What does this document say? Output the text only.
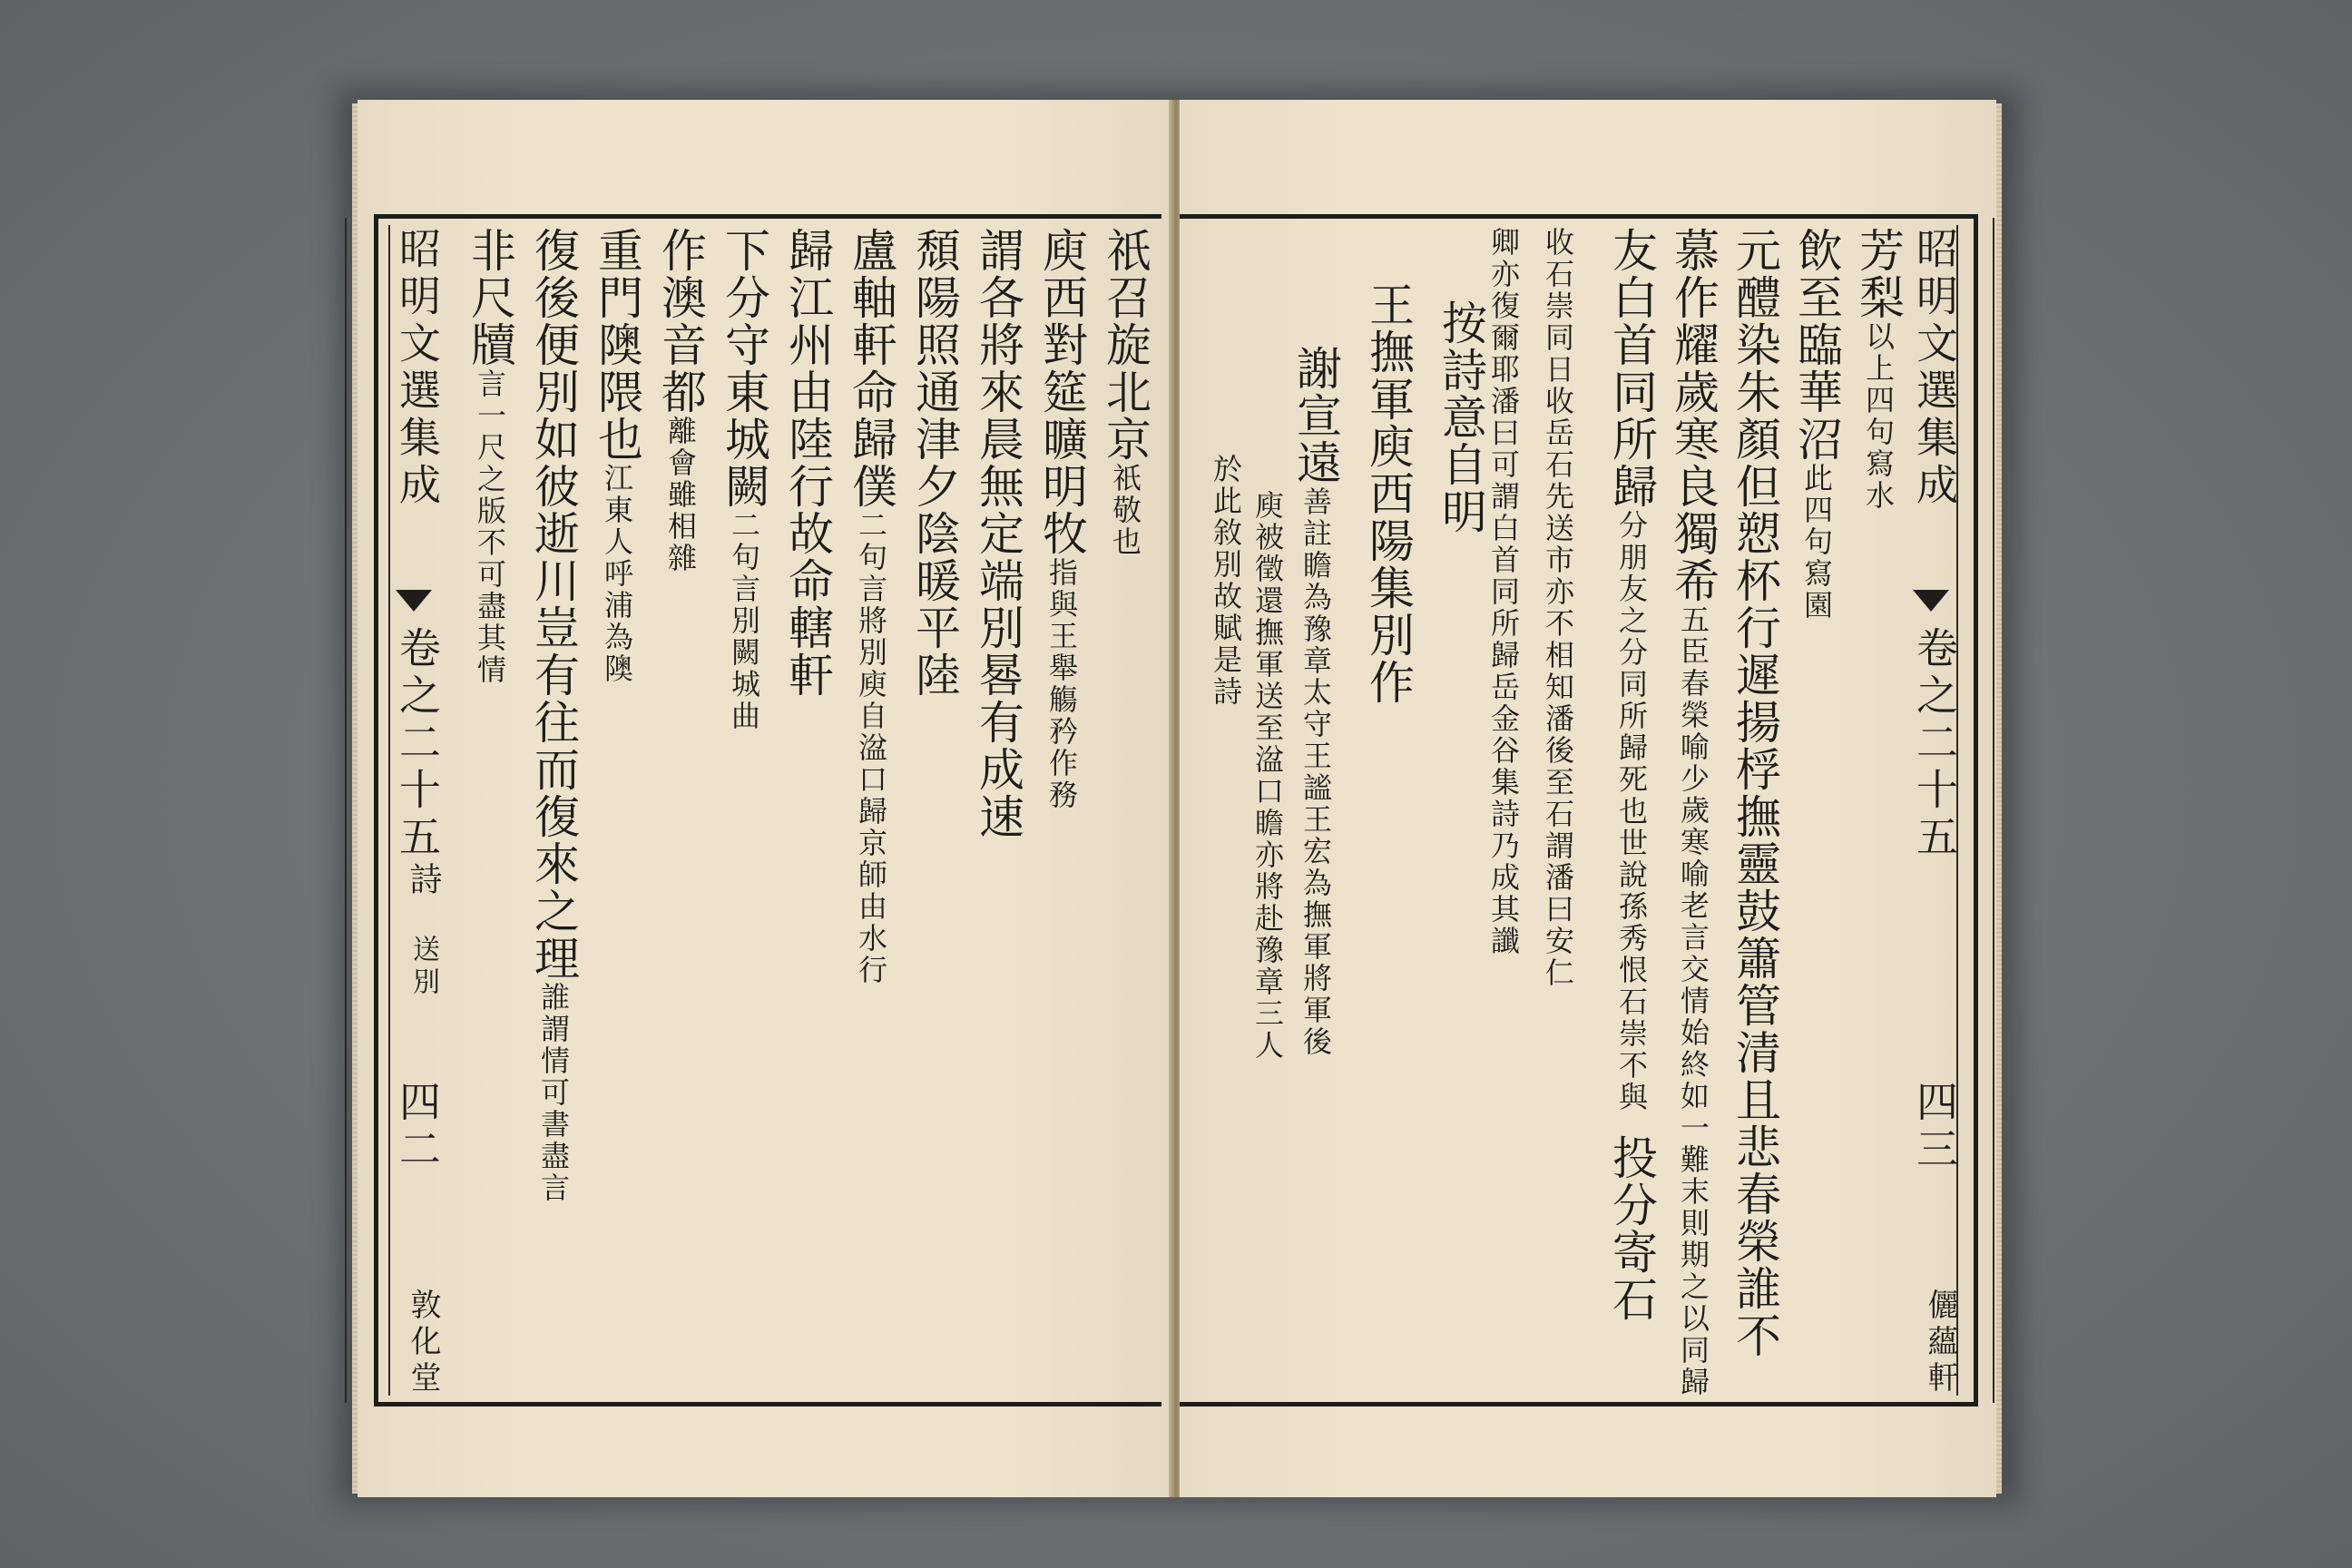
昭明文選集成
卷之二十五
詩
送別
四二
敦化堂
祇召旋北京祇敬也
庾西對筵曠明牧指與王舉觴矜作務
謂各將來晨無定端別晷有成速
頹陽照通津夕陰暖平陸
盧軸軒命歸僕二句言將別庾自湓口歸京師由水行
歸江州由陸行故命轄軒
下分守東城闕二句言別闕城曲
作澳音都離會雖相雜
重門隩隈也江東人呼浦為隩
復後便別如彼逝川豈有往而復來之理誰謂情可書盡言
非尺牘言一尺之版不可盡其情	昭明文選集成
卷之二十五
四三
儷蘊軒
芳梨以上四句寫水
飲至臨華沼此四句寫園
元醴染朱顏但愬杯行遲揚桴撫靈鼓簫管清且悲春榮誰不
慕作耀歲寒良獨希五臣春榮喻少歲寒喻老言交情始終如一難末則期之以同歸
投分寄石
友白首同所歸分朋友之分同所歸死也世說孫秀恨石崇不與
收石崇同日收岳石先送市亦不相知潘後至石謂潘曰安仁
卿亦復爾耶潘曰可謂白首同所歸岳金谷集詩乃成其讖
按詩意自明
王撫軍庾西陽集別作
謝宣遠善註瞻為豫章太守王謐王宏為撫軍將軍後
庾被徵還撫軍送至湓口瞻亦將赴豫章三人
於此敘別故賦是詩
